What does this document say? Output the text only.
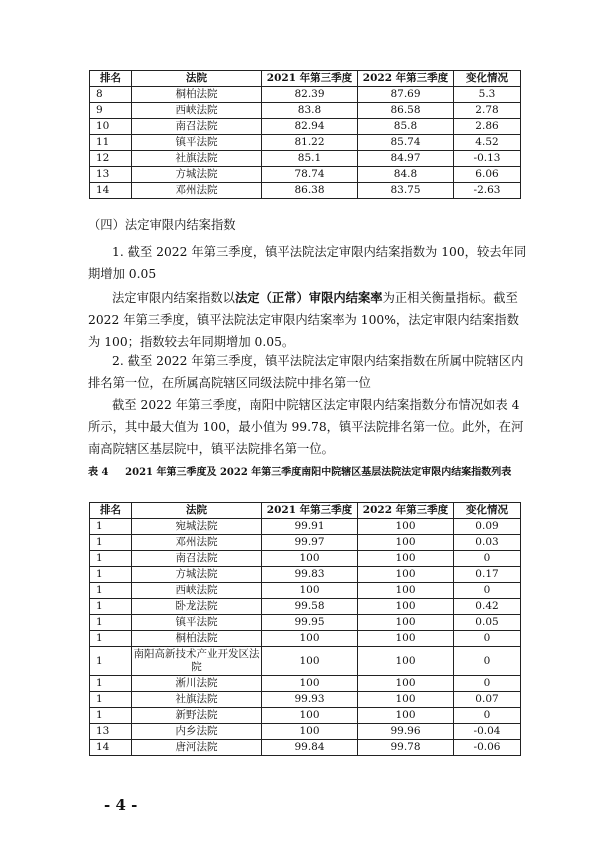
排名	法院	2021 年第三季度	2022 年第三季度	变化情况
8	桐柏法院	82.39	87.69	5.3
9	西峡法院	83.8	86.58	2.78
10	南召法院	82.94	85.8	2.86
11	镇平法院	81.22	85.74	4.52
12	社旗法院	85.1	84.97	-0.13
13	方城法院	78.74	84.8	6.06
14	邓州法院	86.38	83.75	-2.63

（四）法定审限内结案指数

1. 截至 2022 年第三季度，镇平法院法定审限内结案指数为 100，较去年同期增加 0.05

法定审限内结案指数以法定（正常）审限内结案率为正相关衡量指标。截至 2022 年第三季度，镇平法院法定审限内结案率为 100%，法定审限内结案指数为 100；指数较去年同期增加 0.05。

2. 截至 2022 年第三季度，镇平法院法定审限内结案指数在所属中院辖区内排名第一位，在所属高院辖区同级法院中排名第一位

截至 2022 年第三季度，南阳中院辖区法定审限内结案指数分布情况如表 4 所示，其中最大值为 100，最小值为 99.78，镇平法院排名第一位。此外，在河南高院辖区基层院中，镇平法院排名第一位。

表 4 2021 年第三季度及 2022 年第三季度南阳中院辖区基层法院法定审限内结案指数列表
排名	法院	2021 年第三季度	2022 年第三季度	变化情况
1	宛城法院	99.91	100	0.09
1	邓州法院	99.97	100	0.03
1	南召法院	100	100	0
1	方城法院	99.83	100	0.17
1	西峡法院	100	100	0
1	卧龙法院	99.58	100	0.42
1	镇平法院	99.95	100	0.05
1	桐柏法院	100	100	0
1	南阳高新技术产业开发区法院	100	100	0
1	淅川法院	100	100	0
1	社旗法院	99.93	100	0.07
1	新野法院	100	100	0
13	内乡法院	100	99.96	-0.04
14	唐河法院	99.84	99.78	-0.06
- 4 -
